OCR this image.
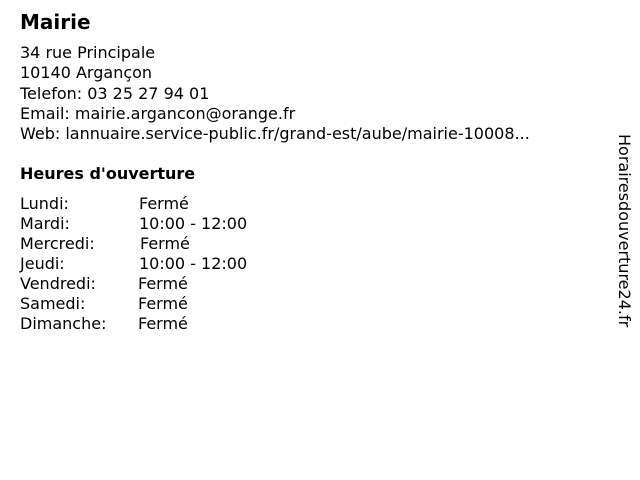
Mairie
34 rue Principale
10140 Argançon
Telefon: 03 25 27 94 01
Email: mairie.argancon@orange.fr
Web: lannuaire.service-public.fr/grand-est/aube/mairie-10008...
Heures d'ouverture
Lundi:	Fermé
Mardi:	10:00 - 12:00
Mercredi:	Fermé
Jeudi:	10:00 - 12:00
Vendredi:	Fermé
Samedi:	Fermé
Dimanche: Fermé	Horairesdouverture24.fr
